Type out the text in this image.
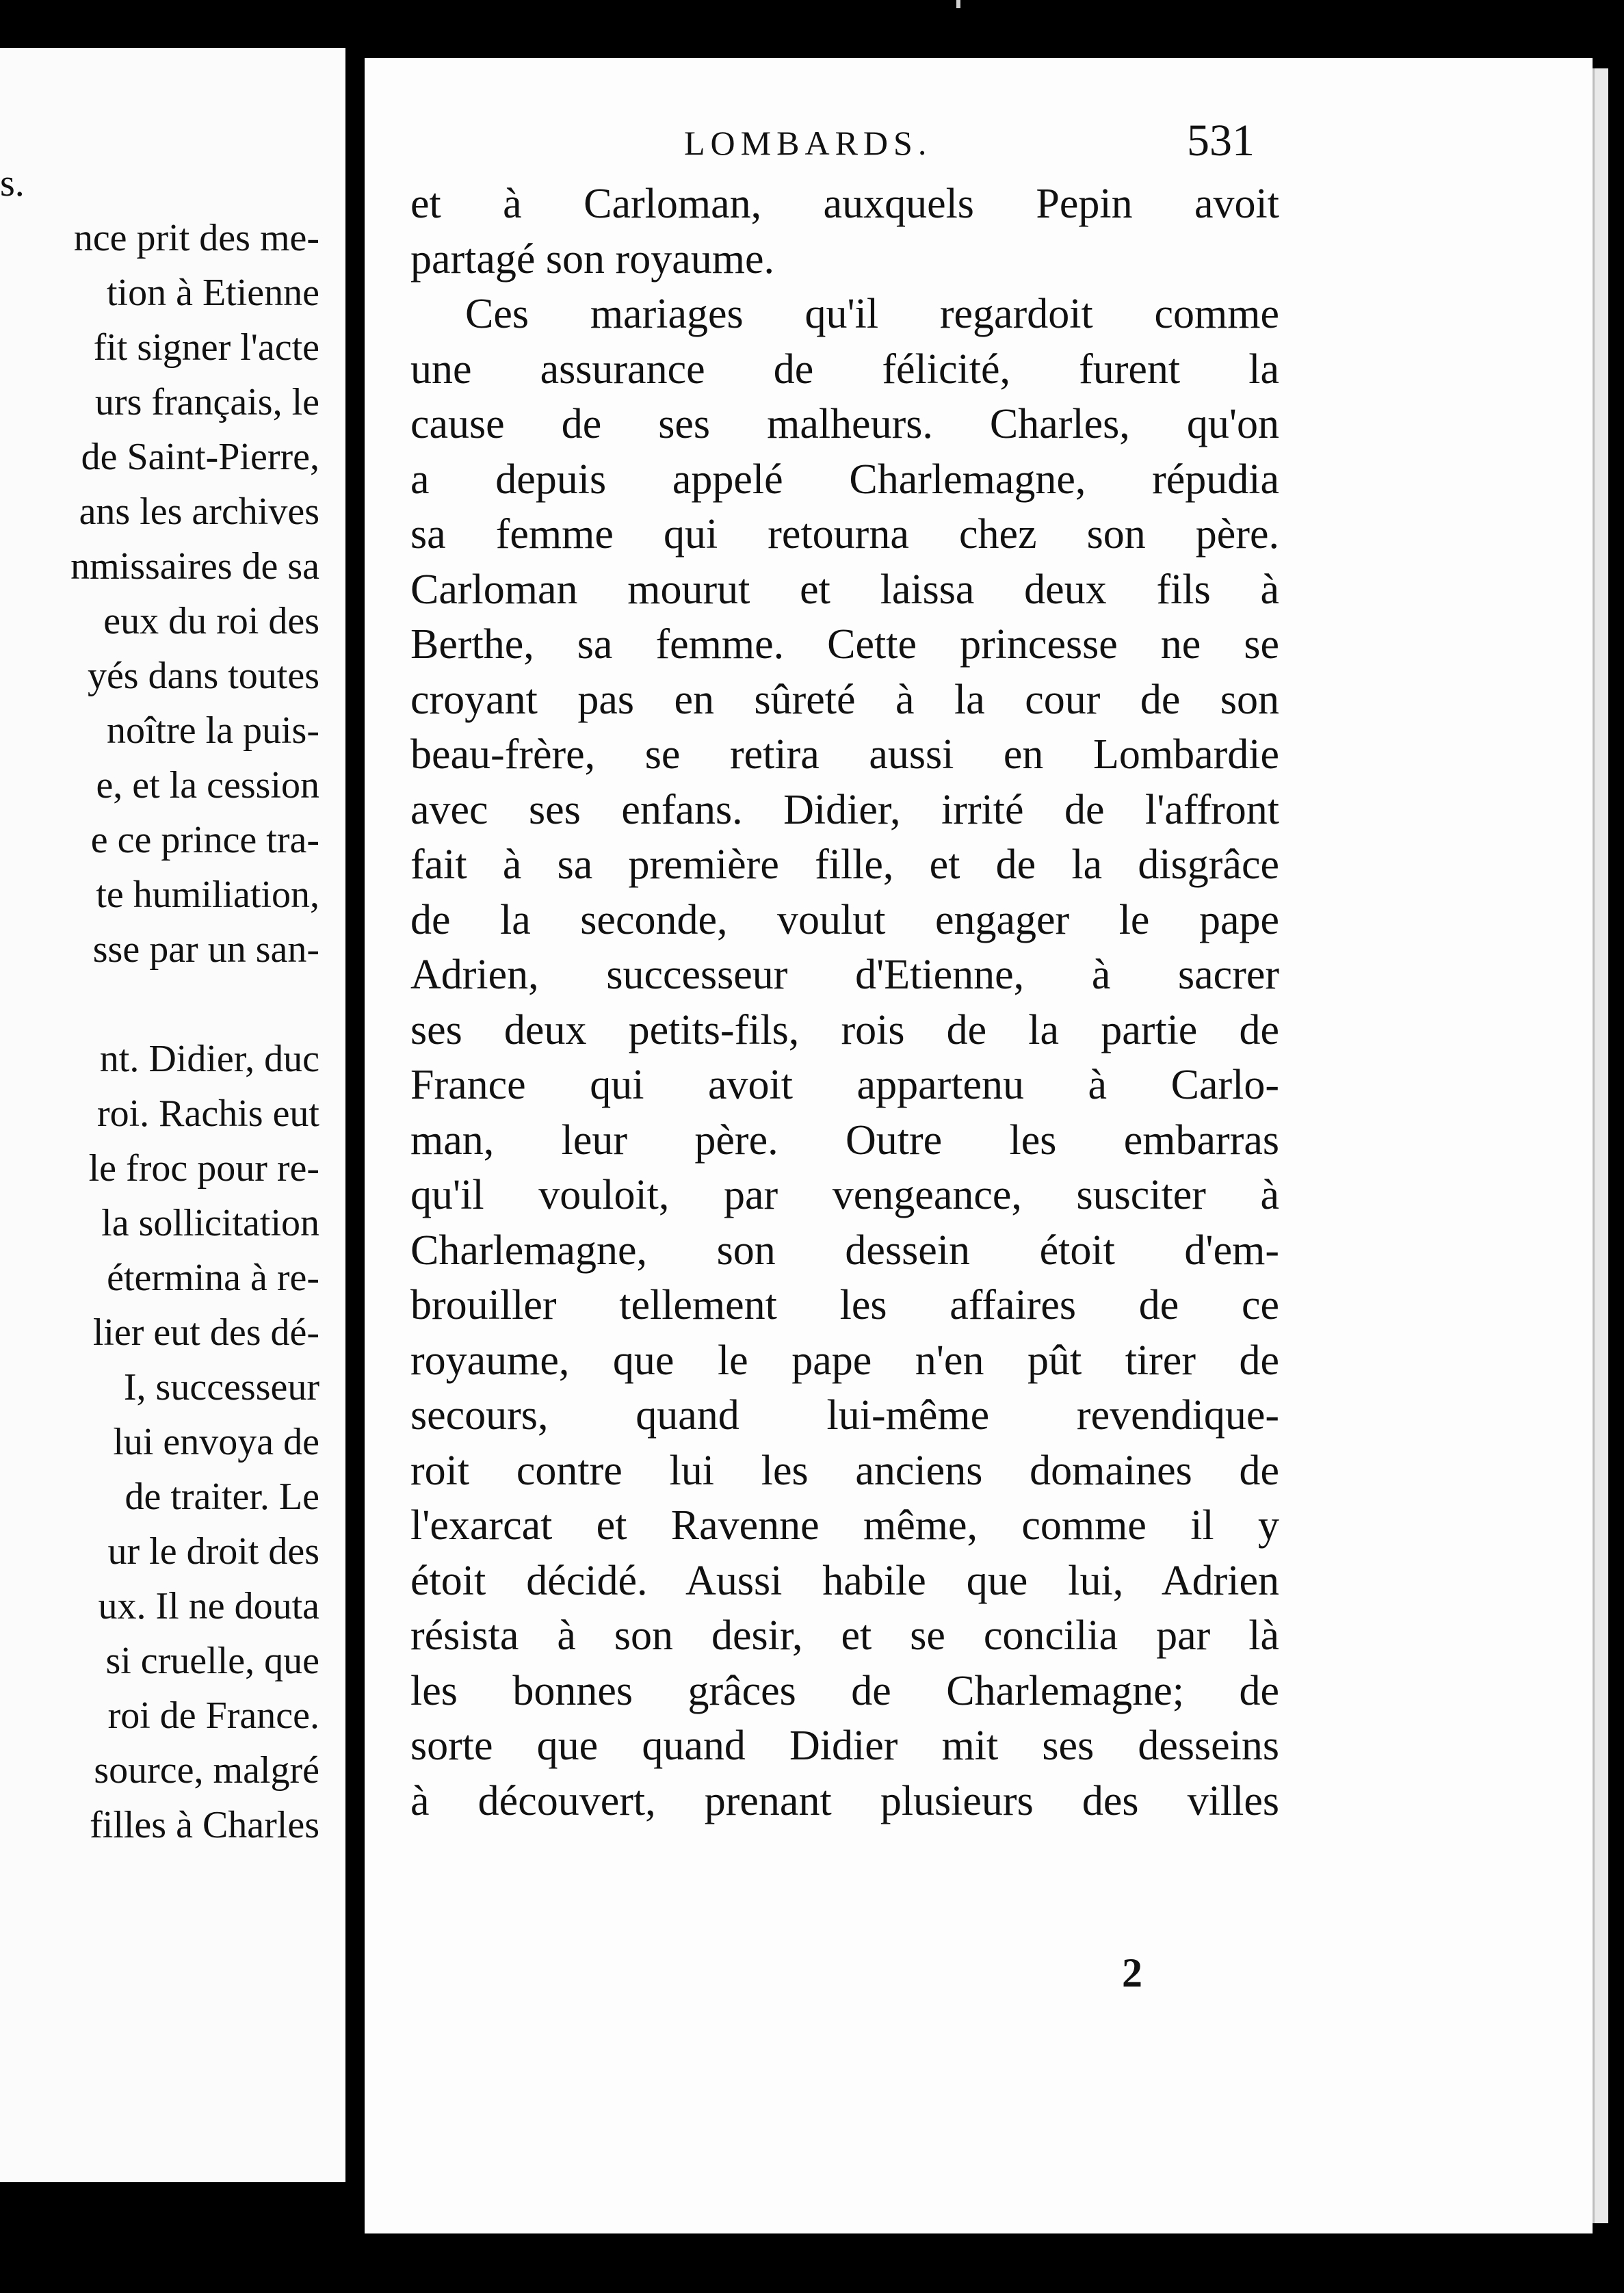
s.
nce prit des me-
tion à Etienne
fit signer l'acte
urs français, le
de Saint-Pierre,
ans les archives
nmissaires de sa
eux du roi des
yés dans toutes
noître la puis-
e, et la cession
e ce prince tra-
te humiliation,
sse par un san-
nt. Didier, duc
roi. Rachis eut
le froc pour re-
la sollicitation
étermina à re-
lier eut des dé-
I, successeur
lui envoya de
de traiter. Le
ur le droit des
ux. Il ne douta
si cruelle, que
roi de France.
source, malgré
filles à Charles
LOMBARDS.	531
et à Carloman, auxquels Pepin avoit
partagé son royaume.
Ces mariages qu'il regardoit comme
une assurance de félicité, furent la
cause de ses malheurs. Charles, qu'on
a depuis appelé Charlemagne, répudia
sa femme qui retourna chez son père.
Carloman mourut et laissa deux fils à
Berthe, sa femme. Cette princesse ne se
croyant pas en sûreté à la cour de son
beau-frère, se retira aussi en Lombardie
avec ses enfans. Didier, irrité de l'affront
fait à sa première fille, et de la disgrâce
de la seconde, voulut engager le pape
Adrien, successeur d'Etienne, à sacrer
ses deux petits-fils, rois de la partie de
France qui avoit appartenu à Carlo-
man, leur père. Outre les embarras
qu'il vouloit, par vengeance, susciter à
Charlemagne, son dessein étoit d'em-
brouiller tellement les affaires de ce
royaume, que le pape n'en pût tirer de
secours, quand lui-même revendique-
roit contre lui les anciens domaines de
l'exarcat et Ravenne même, comme il y
étoit décidé. Aussi habile que lui, Adrien
résista à son desir, et se concilia par là
les bonnes grâces de Charlemagne; de
sorte que quand Didier mit ses desseins
à découvert, prenant plusieurs des villes
2
